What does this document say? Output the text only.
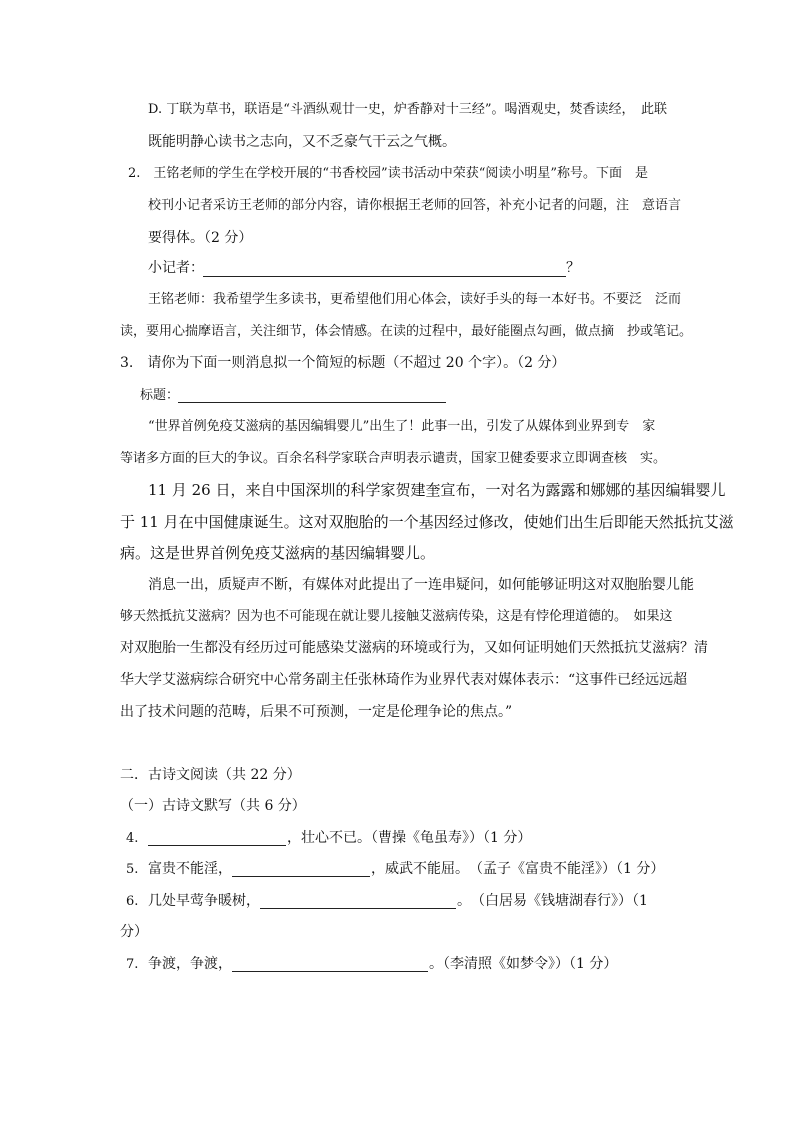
D. 丁联为草书，联语是“斗酒纵观廿一史，炉香静对十三经”。喝酒观史，焚香读经，　此联
既能明静心读书之志向，又不乏豪气干云之气概。
2.　王铭老师的学生在学校开展的“书香校园”读书活动中荣获“阅读小明星”称号。下面　是
校刊小记者采访王老师的部分内容，请你根据王老师的回答，补充小记者的问题，注　意语言
要得体。（2 分）
小记者：	？
王铭老师：我希望学生多读书，更希望他们用心体会，读好手头的每一本好书。不要泛　泛而
读，要用心揣摩语言，关注细节，体会情感。在读的过程中，最好能圈点勾画，做点摘　抄或笔记。
3.　请你为下面一则消息拟一个简短的标题（不超过 20 个字）。（2 分）
标题：
“世界首例免疫艾滋病的基因编辑婴儿”出生了！此事一出，引发了从媒体到业界到专　家
等诸多方面的巨大的争议。百余名科学家联合声明表示谴责，国家卫健委要求立即调查核　实。
11 月 26 日，来自中国深圳的科学家贺建奎宣布，一对名为露露和娜娜的基因编辑婴儿
于 11 月在中国健康诞生。这对双胞胎的一个基因经过修改，使她们出生后即能天然抵抗艾滋
病。这是世界首例免疫艾滋病的基因编辑婴儿。
消息一出，质疑声不断，有媒体对此提出了一连串疑问，如何能够证明这对双胞胎婴儿能
够天然抵抗艾滋病？因为也不可能现在就让婴儿接触艾滋病传染，这是有悖伦理道德的。　如果这
对双胞胎一生都没有经历过可能感染艾滋病的环境或行为，又如何证明她们天然抵抗艾滋病？清
华大学艾滋病综合研究中心常务副主任张林琦作为业界代表对媒体表示：“这事件已经远远超
出了技术问题的范畴，后果不可预测，一定是伦理争论的焦点。”
二．古诗文阅读（共 22 分）
（一）古诗文默写（共 6 分）
4.	，壮心不已。（曹操《龟虽寿》）（1 分）
5. 富贵不能淫，	，威武不能屈。　（孟子《富贵不能淫》）（1 分）
6. 几处早莺争暖树，	。　（白居易《钱塘湖春行》）（1
分）
7. 争渡，争渡，	。（李清照《如梦令》）（1 分）
